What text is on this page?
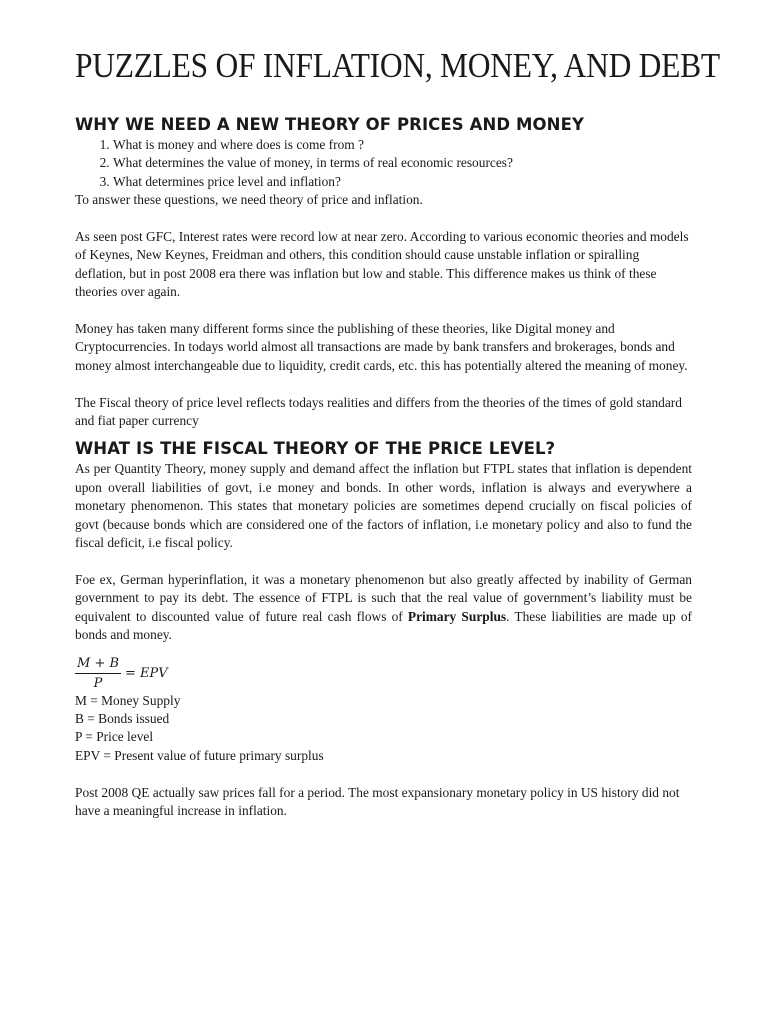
PUZZLES OF INFLATION, MONEY, AND DEBT
WHY WE NEED A NEW THEORY OF PRICES AND MONEY
1. What is money and where does is come from ?
2. What determines the value of money, in terms of real economic resources?
3. What determines price level and inflation?

To answer these questions, we need theory of price and inflation.

As seen post GFC, Interest rates were record low at near zero. According to various economic theories and models of Keynes, New Keynes, Freidman and others, this condition should cause unstable inflation or spiralling deflation, but in post 2008 era there was inflation but low and stable. This difference makes us think of these theories over again.

Money has taken many different forms since the publishing of these theories, like Digital money and Cryptocurrencies. In todays world almost all transactions are made by bank transfers and brokerages, bonds and money almost interchangeable due to liquidity, credit cards, etc. this has potentially altered the meaning of money.

The Fiscal theory of price level reflects todays realities and differs from the theories of the times of gold standard and fiat paper currency

WHAT IS THE FISCAL THEORY OF THE PRICE LEVEL?

As per Quantity Theory, money supply and demand affect the inflation but FTPL states that inflation is dependent upon overall liabilities of govt, i.e money and bonds. In other words, inflation is always and everywhere a monetary phenomenon. This states that monetary policies are sometimes depend crucially on fiscal policies of govt (because bonds which are considered one of the factors of inflation, i.e monetary policy and also to fund the fiscal deficit, i.e fiscal policy.

Foe ex, German hyperinflation, it was a monetary phenomenon but also greatly affected by inability of German government to pay its debt. The essence of FTPL is such that the real value of government’s liability must be equivalent to discounted value of future real cash flows of Primary Surplus. These liabilities are made up of bonds and money.

$\frac{M + B}{P}$ = EPV

M = Money Supply

B = Bonds issued

P = Price level

EPV = Present value of future primary surplus

Post 2008 QE actually saw prices fall for a period. The most expansionary monetary policy in US history did not have a meaningful increase in inflation.
